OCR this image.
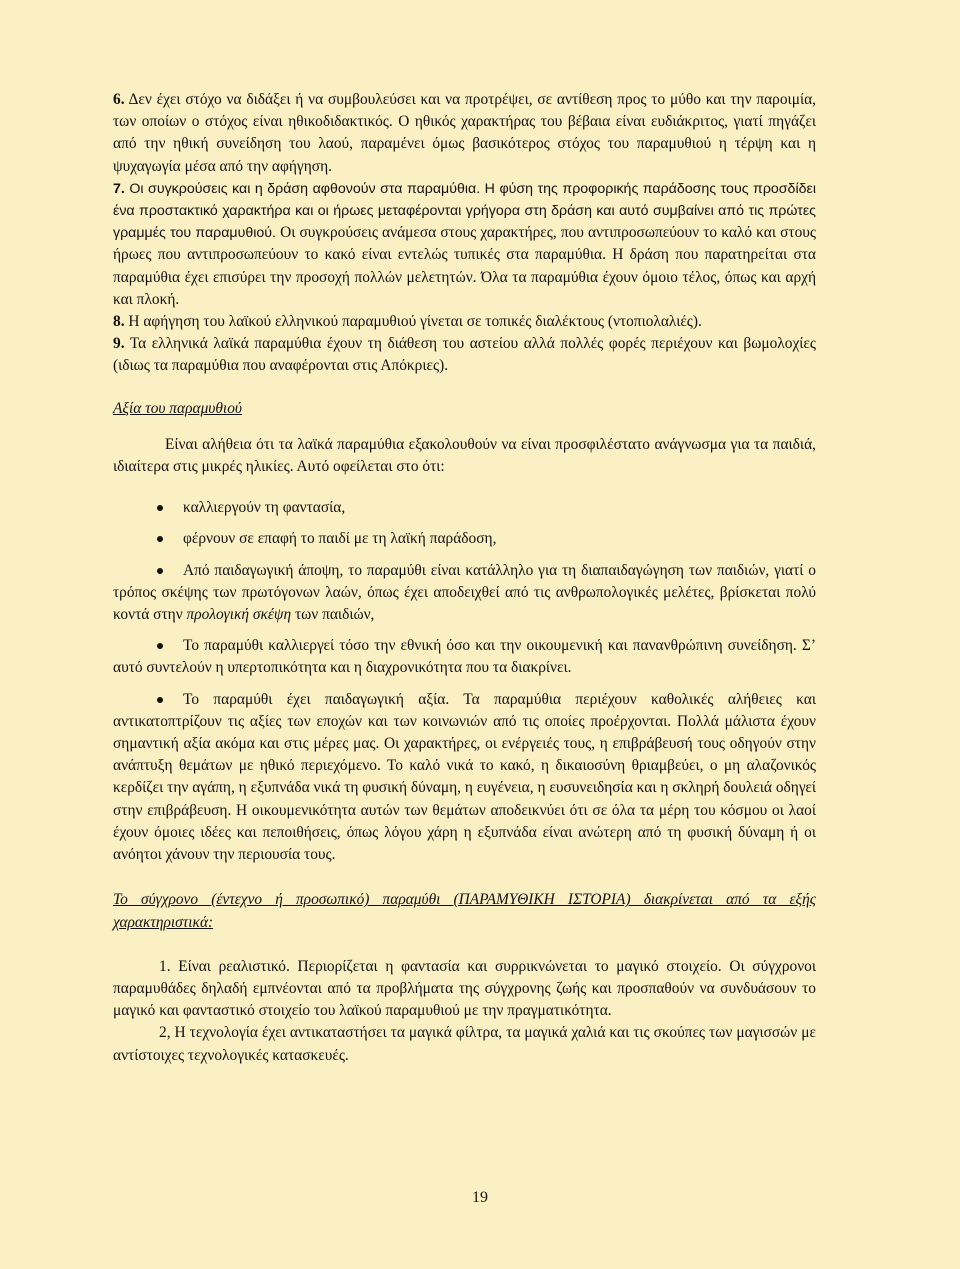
6. Δεν έχει στόχο να διδάξει ή να συμβουλεύσει και να προτρέψει, σε αντίθεση προς το μύθο και την παροιμία, των οποίων ο στόχος είναι ηθικοδιδακτικός. Ο ηθικός χαρακτήρας του βέβαια είναι ευδιάκριτος, γιατί πηγάζει από την ηθική συνείδηση του λαού, παραμένει όμως βασικότερος στόχος του παραμυθιού η τέρψη και η ψυχαγωγία μέσα από την αφήγηση.

7. Οι συγκρούσεις και η δράση αφθονούν στα παραμύθια. Η φύση της προφορικής παράδοσης τους προσδίδει ένα προστακτικό χαρακτήρα και οι ήρωες μεταφέρονται γρήγορα στη δράση και αυτό συμβαίνει από τις πρώτες γραμμές του παραμυθιού. Οι συγκρούσεις ανάμεσα στους χαρακτήρες, που αντιπροσωπεύουν το καλό και στους ήρωες που αντιπροσωπεύουν το κακό είναι εντελώς τυπικές στα παραμύθια. Η δράση που παρατηρείται στα παραμύθια έχει επισύρει την προσοχή πολλών μελετητών. Όλα τα παραμύθια έχουν όμοιο τέλος, όπως και αρχή και πλοκή.

8. Η αφήγηση του λαϊκού ελληνικού παραμυθιού γίνεται σε τοπικές διαλέκτους (ντοπιολαλιές).

9. Τα ελληνικά λαϊκά παραμύθια έχουν τη διάθεση του αστείου αλλά πολλές φορές περιέχουν και βωμολοχίες (ιδιως τα παραμύθια που αναφέρονται στις Απόκριες).

Αξία του παραμυθιού

Είναι αλήθεια ότι τα λαϊκά παραμύθια εξακολουθούν να είναι προσφιλέστατο ανάγνωσμα για τα παιδιά, ιδιαίτερα στις μικρές ηλικίες. Αυτό οφείλεται στο ότι:

καλλιεργούν τη φαντασία,
φέρνουν σε επαφή το παιδί με τη λαϊκή παράδοση,
Από παιδαγωγική άποψη, το παραμύθι είναι κατάλληλο για τη διαπαιδαγώγηση των παιδιών, γιατί ο τρόπος σκέψης των πρωτόγονων λαών, όπως έχει αποδειχθεί από τις ανθρωπολογικές μελέτες, βρίσκεται πολύ κοντά στην προλογική σκέψη των παιδιών,
Το παραμύθι καλλιεργεί τόσο την εθνική όσο και την οικουμενική και πανανθρώπινη συνείδηση. Σ’ αυτό συντελούν η υπερτοπικότητα και η διαχρονικότητα που τα διακρίνει.
Το παραμύθι έχει παιδαγωγική αξία. Τα παραμύθια περιέχουν καθολικές αλήθειες και αντικατοπτρίζουν τις αξίες των εποχών και των κοινωνιών από τις οποίες προέρχονται. Πολλά μάλιστα έχουν σημαντική αξία ακόμα και στις μέρες μας. Οι χαρακτήρες, οι ενέργειές τους, η επιβράβευσή τους οδηγούν στην ανάπτυξη θεμάτων με ηθικό περιεχόμενο. Το καλό νικά το κακό, η δικαιοσύνη θριαμβεύει, ο μη αλαζονικός κερδίζει την αγάπη, η εξυπνάδα νικά τη φυσική δύναμη, η ευγένεια, η ευσυνειδησία και η σκληρή δουλειά οδηγεί στην επιβράβευση. Η οικουμενικότητα αυτών των θεμάτων αποδεικνύει ότι σε όλα τα μέρη του κόσμου οι λαοί έχουν όμοιες ιδέες και πεποιθήσεις, όπως λόγου χάρη η εξυπνάδα είναι ανώτερη από τη φυσική δύναμη ή οι ανόητοι χάνουν την περιουσία τους.

Το σύγχρονο (έντεχνο ή προσωπικό) παραμύθι (ΠΑΡΑΜΥΘΙΚΗ ΙΣΤΟΡΙΑ) διακρίνεται από τα εξής χαρακτηριστικά:

1. Είναι ρεαλιστικό. Περιορίζεται η φαντασία και συρρικνώνεται το μαγικό στοιχείο. Οι σύγχρονοι παραμυθάδες δηλαδή εμπνέονται από τα προβλήματα της σύγχρονης ζωής και προσπαθούν να συνδυάσουν το μαγικό και φανταστικό στοιχείο του λαϊκού παραμυθιού με την πραγματικότητα.

2, Η τεχνολογία έχει αντικαταστήσει τα μαγικά φίλτρα, τα μαγικά χαλιά και τις σκούπες των μαγισσών με αντίστοιχες τεχνολογικές κατασκευές.

19
